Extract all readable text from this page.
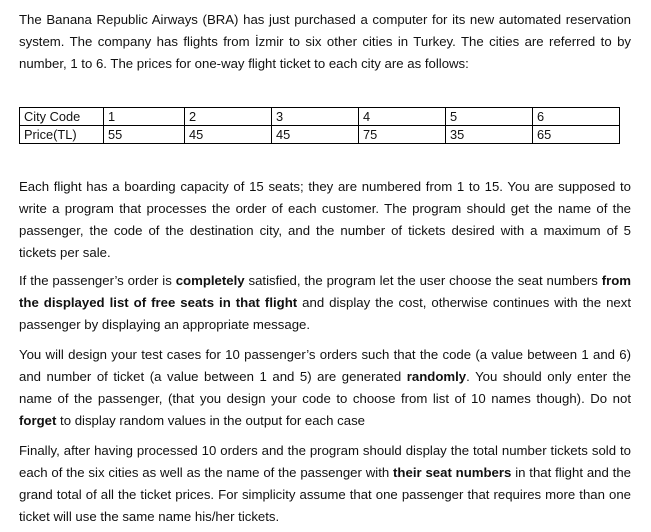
The Banana Republic Airways (BRA) has just purchased a computer for its new automated reservation system. The company has flights from İzmir to six other cities in Turkey. The cities are referred to by number, 1 to 6. The prices for one-way flight ticket to each city are as follows:

City Code	1	2	3	4	5	6
Price(TL)	55	45	45	75	35	65

Each flight has a boarding capacity of 15 seats; they are numbered from 1 to 15. You are supposed to write a program that processes the order of each customer. The program should get the name of the passenger, the code of the destination city, and the number of tickets desired with a maximum of 5 tickets per sale.

If the passenger’s order is completely satisfied, the program let the user choose the seat numbers from the displayed list of free seats in that flight and display the cost, otherwise continues with the next passenger by displaying an appropriate message.

You will design your test cases for 10 passenger’s orders such that the code (a value between 1 and 6) and number of ticket (a value between 1 and 5) are generated randomly. You should only enter the name of the passenger, (that you design your code to choose from list of 10 names though). Do not forget to display random values in the output for each case

Finally, after having processed 10 orders and the program should display the total number tickets sold to each of the six cities as well as the name of the passenger with their seat numbers in that flight and the grand total of all the ticket prices. For simplicity assume that one passenger that requires more than one ticket will use the same name his/her tickets.
